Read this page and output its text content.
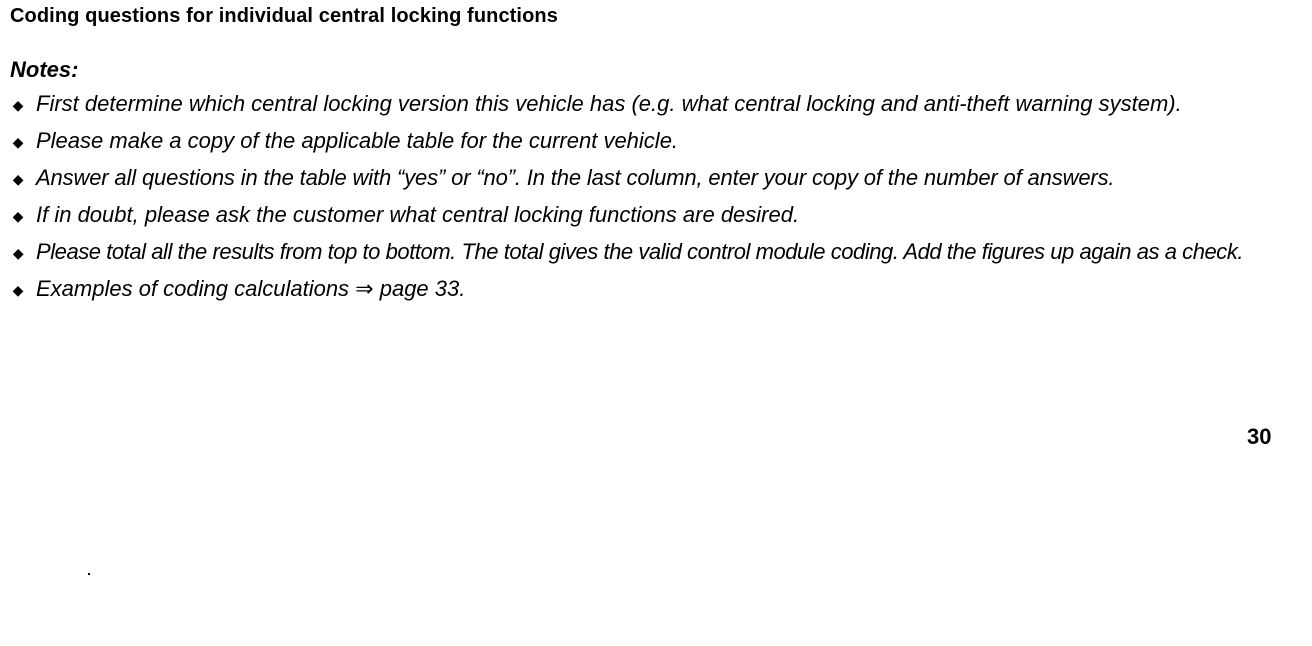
Coding questions for individual central locking functions
Notes:
◆ First determine which central locking version this vehicle has (e.g. what central locking and anti-theft warning system).
◆ Please make a copy of the applicable table for the current vehicle.
◆ Answer all questions in the table with “yes” or “no”. In the last column, enter your copy of the number of answers.
◆ If in doubt, please ask the customer what central locking functions are desired.
◆ Please total all the results from top to bottom. The total gives the valid control module coding. Add the figures up again as a check.
◆ Examples of coding calculations ⇒ page 33.
30
